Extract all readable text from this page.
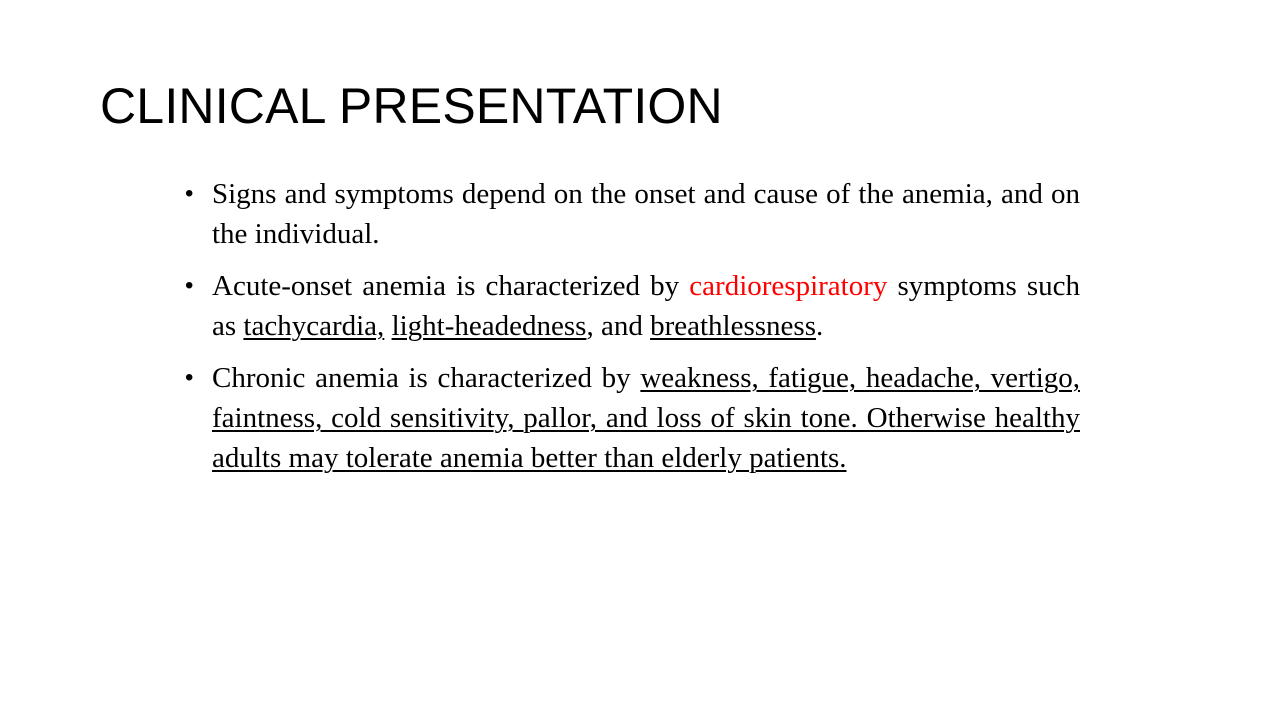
CLINICAL PRESENTATION
• Signs and symptoms depend on the onset and cause of the anemia, and on the individual.
• Acute-onset anemia is characterized by cardiorespiratory symptoms such as tachycardia, light-headedness, and breathlessness.
• Chronic anemia is characterized by weakness, fatigue, headache, vertigo, faintness, cold sensitivity, pallor, and loss of skin tone. Otherwise healthy adults may tolerate anemia better than elderly patients.
